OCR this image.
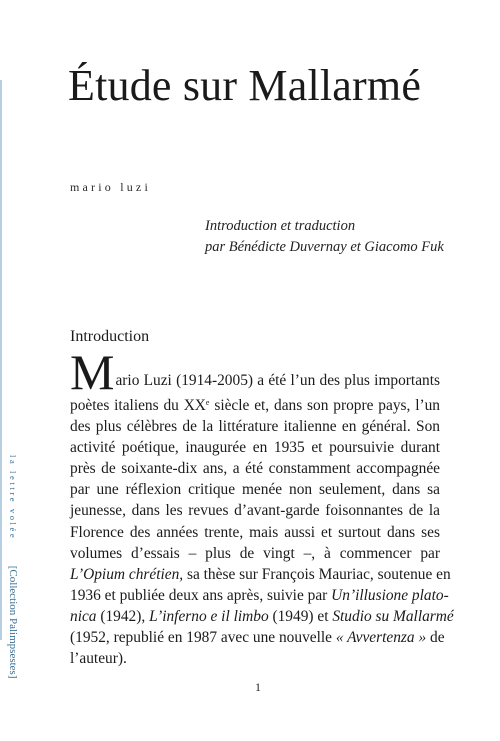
Étude sur Mallarmé
mario luzi
Introduction et traduction
par Bénédicte Duvernay et Giacomo Fuk
Introduction
M ario Luzi (1914-2005) a été l’un des plus importants
poètes italiens du XXe siècle et, dans son propre pays, l’un
des plus célèbres de la littérature italienne en général. Son
activité poétique, inaugurée en 1935 et poursuivie durant
près de soixante-dix ans, a été constamment accompagnée
par une réflexion critique menée non seulement, dans sa
jeunesse, dans les revues d’avant-garde foisonnantes de la
Florence des années trente, mais aussi et surtout dans ses
volumes d’essais – plus de vingt –, à commencer par
L’Opium chrétien, sa thèse sur François Mauriac, soutenue en
1936 et publiée deux ans après, suivie par Un’illusione plato-
nica (1942), L’inferno e il limbo (1949) et Studio su Mallarmé
(1952, republié en 1987 avec une nouvelle « Avvertenza » de
l’auteur).
1
la lettre volée  [Collection Palimpsestes]
